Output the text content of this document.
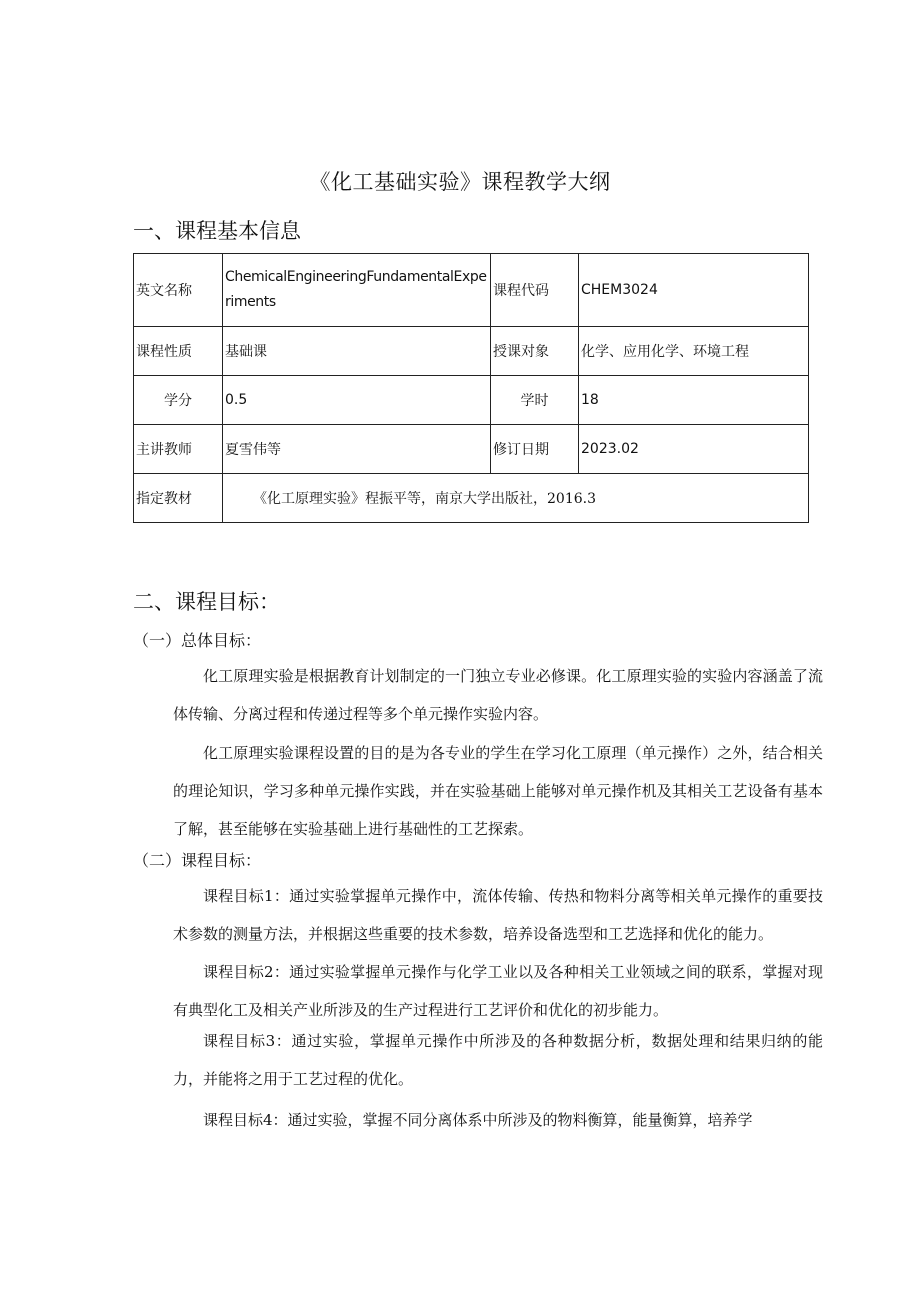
《化工基础实验》课程教学大纲
一、课程基本信息
英文名称	ChemicalEngineeringFundamentalExperiments	课程代码	CHEM3024
课程性质	基础课	授课对象	化学、应用化学、环境工程
学分	0.5	学时	18
主讲教师	夏雪伟等	修订日期	2023.02
指定教材	《化工原理实验》程振平等，南京大学出版社，2016.3		
二、课程目标：
（一）总体目标：
化工原理实验是根据教育计划制定的一门独立专业必修课。化工原理实验的实验内容涵盖了流体传输、分离过程和传递过程等多个单元操作实验内容。
化工原理实验课程设置的目的是为各专业的学生在学习化工原理（单元操作）之外，结合相关的理论知识，学习多种单元操作实践，并在实验基础上能够对单元操作机及其相关工艺设备有基本了解，甚至能够在实验基础上进行基础性的工艺探索。
（二）课程目标：
课程目标1：通过实验掌握单元操作中，流体传输、传热和物料分离等相关单元操作的重要技术参数的测量方法，并根据这些重要的技术参数，培养设备选型和工艺选择和优化的能力。
课程目标2：通过实验掌握单元操作与化学工业以及各种相关工业领域之间的联系，掌握对现有典型化工及相关产业所涉及的生产过程进行工艺评价和优化的初步能力。
课程目标3：通过实验，掌握单元操作中所涉及的各种数据分析，数据处理和结果归纳的能力，并能将之用于工艺过程的优化。
课程目标4：通过实验，掌握不同分离体系中所涉及的物料衡算，能量衡算，培养学
